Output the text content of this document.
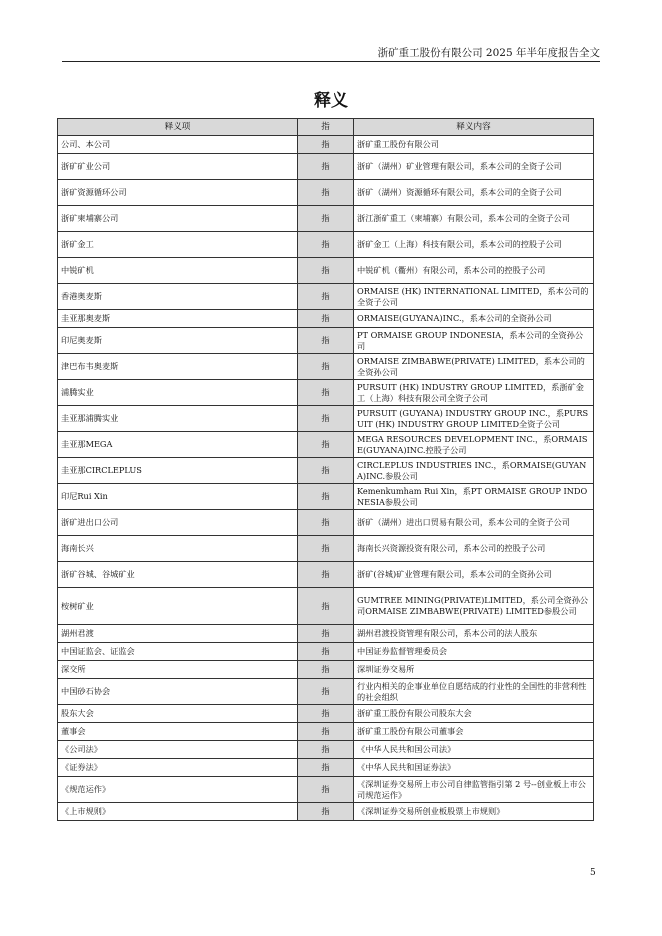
浙矿重工股份有限公司 2025 年半年度报告全文
释义
释义项	指	释义内容
公司、本公司	指	浙矿重工股份有限公司
浙矿矿业公司	指	浙矿（湖州）矿业管理有限公司，系本公司的全资子公司
浙矿资源循环公司	指	浙矿（湖州）资源循环有限公司，系本公司的全资子公司
浙矿柬埔寨公司	指	浙江浙矿重工（柬埔寨）有限公司，系本公司的全资子公司
浙矿金工	指	浙矿金工（上海）科技有限公司，系本公司的控股子公司
中锐矿机	指	中锐矿机（衢州）有限公司，系本公司的控股子公司
香港奥麦斯	指	ORMAISE (HK) INTERNATIONAL LIMITED，系本公司的全资子公司
圭亚那奥麦斯	指	ORMAISE(GUYANA)INC.，系本公司的全资孙公司
印尼奥麦斯	指	PT ORMAISE GROUP INDONESIA，系本公司的全资孙公司
津巴布韦奥麦斯	指	ORMAISE ZIMBABWE(PRIVATE) LIMITED，系本公司的全资孙公司
浦腾实业	指	PURSUIT (HK) INDUSTRY GROUP LIMITED，系浙矿金工（上海）科技有限公司全资子公司
圭亚那浦腾实业	指	PURSUIT (GUYANA) INDUSTRY GROUP INC.，系PURSUIT (HK) INDUSTRY GROUP LIMITED全资子公司
圭亚那MEGA	指	MEGA RESOURCES DEVELOPMENT INC.，系ORMAISE(GUYANA)INC.控股子公司
圭亚那CIRCLEPLUS	指	CIRCLEPLUS INDUSTRIES INC.，系ORMAISE(GUYANA)INC.参股公司
印尼Rui Xin	指	Kemenkumham Rui Xin，系PT ORMAISE GROUP INDONESIA参股公司
浙矿进出口公司	指	浙矿（湖州）进出口贸易有限公司，系本公司的全资子公司
海南长兴	指	海南长兴资源投资有限公司，系本公司的控股子公司
浙矿谷城、谷城矿业	指	浙矿(谷城)矿业管理有限公司，系本公司的全资孙公司
桉树矿业	指	GUMTREE MINING(PRIVATE)LIMITED，系公司全资孙公司ORMAISE ZIMBABWE(PRIVATE) LIMITED参股公司
湖州君渡	指	湖州君渡投资管理有限公司，系本公司的法人股东
中国证监会、证监会	指	中国证券监督管理委员会
深交所	指	深圳证券交易所
中国砂石协会	指	行业内相关的企事业单位自愿结成的行业性的全国性的非营利性的社会组织
股东大会	指	浙矿重工股份有限公司股东大会
董事会	指	浙矿重工股份有限公司董事会
《公司法》	指	《中华人民共和国公司法》
《证券法》	指	《中华人民共和国证券法》
《规范运作》	指	《深圳证券交易所上市公司自律监管指引第 2 号--创业板上市公司规范运作》
《上市规则》	指	《深圳证券交易所创业板股票上市规则》
5
